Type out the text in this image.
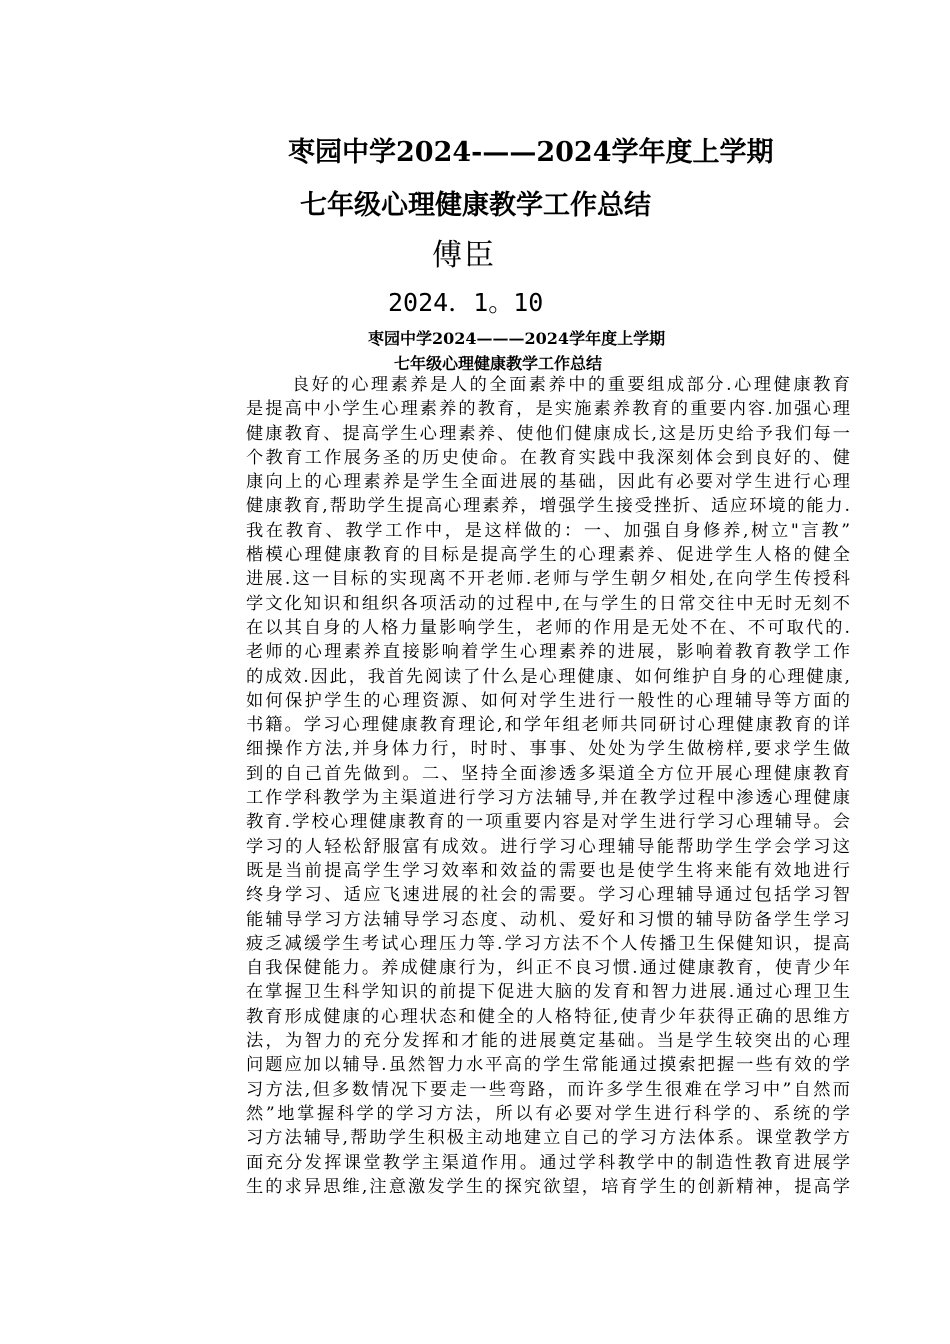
枣园中学2024-——2024学年度上学期
七年级心理健康教学工作总结
傅臣
2024．1。10
枣园中学2024———2024学年度上学期
七年级心理健康教学工作总结
良好的心理素养是人的全面素养中的重要组成部分.心理健康教育
是提高中小学生心理素养的教育，是实施素养教育的重要内容.加强心理
健康教育、提高学生心理素养、使他们健康成长,这是历史给予我们每一
个教育工作展务圣的历史使命。在教育实践中我深刻体会到良好的、健
康向上的心理素养是学生全面进展的基础，因此有必要对学生进行心理
健康教育,帮助学生提高心理素养，增强学生接受挫折、适应环境的能力.
我在教育、教学工作中，是这样做的：一、加强自身修养,树立"言教”
楷模心理健康教育的目标是提高学生的心理素养、促进学生人格的健全
进展.这一目标的实现离不开老师.老师与学生朝夕相处,在向学生传授科
学文化知识和组织各项活动的过程中,在与学生的日常交往中无时无刻不
在以其自身的人格力量影响学生，老师的作用是无处不在、不可取代的.
老师的心理素养直接影响着学生心理素养的进展，影响着教育教学工作
的成效.因此，我首先阅读了什么是心理健康、如何维护自身的心理健康,
如何保护学生的心理资源、如何对学生进行一般性的心理辅导等方面的
书籍。学习心理健康教育理论,和学年组老师共同研讨心理健康教育的详
细操作方法,并身体力行，时时、事事、处处为学生做榜样,要求学生做
到的自己首先做到。二、坚持全面渗透多渠道全方位开展心理健康教育
工作学科教学为主渠道进行学习方法辅导,并在教学过程中渗透心理健康
教育.学校心理健康教育的一项重要内容是对学生进行学习心理辅导。会
学习的人轻松舒服富有成效。进行学习心理辅导能帮助学生学会学习这
既是当前提高学生学习效率和效益的需要也是使学生将来能有效地进行
终身学习、适应飞速进展的社会的需要。学习心理辅导通过包括学习智
能辅导学习方法辅导学习态度、动机、爱好和习惯的辅导防备学生学习
疲乏减缓学生考试心理压力等.学习方法不个人传播卫生保健知识，提高
自我保健能力。养成健康行为，纠正不良习惯.通过健康教育，使青少年
在掌握卫生科学知识的前提下促进大脑的发育和智力进展.通过心理卫生
教育形成健康的心理状态和健全的人格特征,使青少年获得正确的思维方
法，为智力的充分发挥和才能的进展奠定基础。当是学生较突出的心理
问题应加以辅导.虽然智力水平高的学生常能通过摸索把握一些有效的学
习方法,但多数情况下要走一些弯路，而许多学生很难在学习中”自然而
然”地掌握科学的学习方法，所以有必要对学生进行科学的、系统的学
习方法辅导,帮助学生积极主动地建立自己的学习方法体系。课堂教学方
面充分发挥课堂教学主渠道作用。通过学科教学中的制造性教育进展学
生的求异思维,注意激发学生的探究欲望，培育学生的创新精神，提高学
